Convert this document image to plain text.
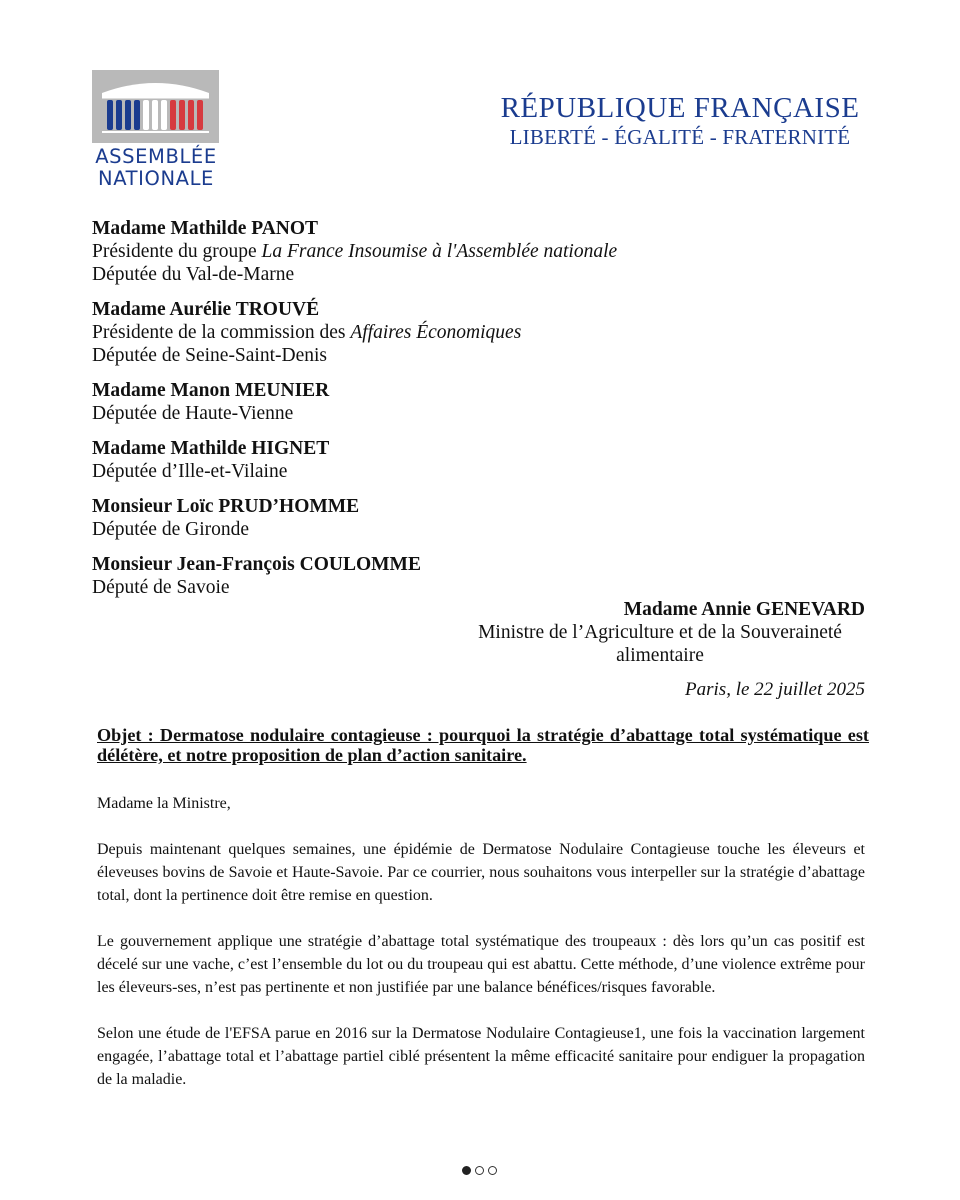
ASSEMBLÉE
NATIONALE
RÉPUBLIQUE FRANÇAISE
LIBERTÉ - ÉGALITÉ - FRATERNITÉ
Madame Mathilde PANOT
Présidente du groupe La France Insoumise à l'Assemblée nationale
Députée du Val-de-Marne
Madame Aurélie TROUVÉ
Présidente de la commission des Affaires Économiques
Députée de Seine-Saint-Denis
Madame Manon MEUNIER
Députée de Haute-Vienne
Madame Mathilde HIGNET
Députée d’Ille-et-Vilaine
Monsieur Loïc PRUD’HOMME
Députée de Gironde
Monsieur Jean-François COULOMME
Député de Savoie
Madame Annie GENEVARD
Ministre de l’Agriculture et de la Souveraineté alimentaire
Paris, le 22 juillet 2025
Objet : Dermatose nodulaire contagieuse : pourquoi la stratégie d’abattage total systématique est délétère, et notre proposition de plan d’action sanitaire.

Madame la Ministre,

Depuis maintenant quelques semaines, une épidémie de Dermatose Nodulaire Contagieuse touche les éleveurs et éleveuses bovins de Savoie et Haute-Savoie. Par ce courrier, nous souhaitons vous interpeller sur la stratégie d’abattage total, dont la pertinence doit être remise en question.

Le gouvernement applique une stratégie d’abattage total systématique des troupeaux : dès lors qu’un cas positif est décelé sur une vache, c’est l’ensemble du lot ou du troupeau qui est abattu. Cette méthode, d’une violence extrême pour les éleveurs-ses, n’est pas pertinente et non justifiée par une balance bénéfices/risques favorable.

Selon une étude de l'EFSA parue en 2016 sur la Dermatose Nodulaire Contagieuse1, une fois la vaccination largement engagée, l’abattage total et l’abattage partiel ciblé présentent la même efficacité sanitaire pour endiguer la propagation de la maladie.
